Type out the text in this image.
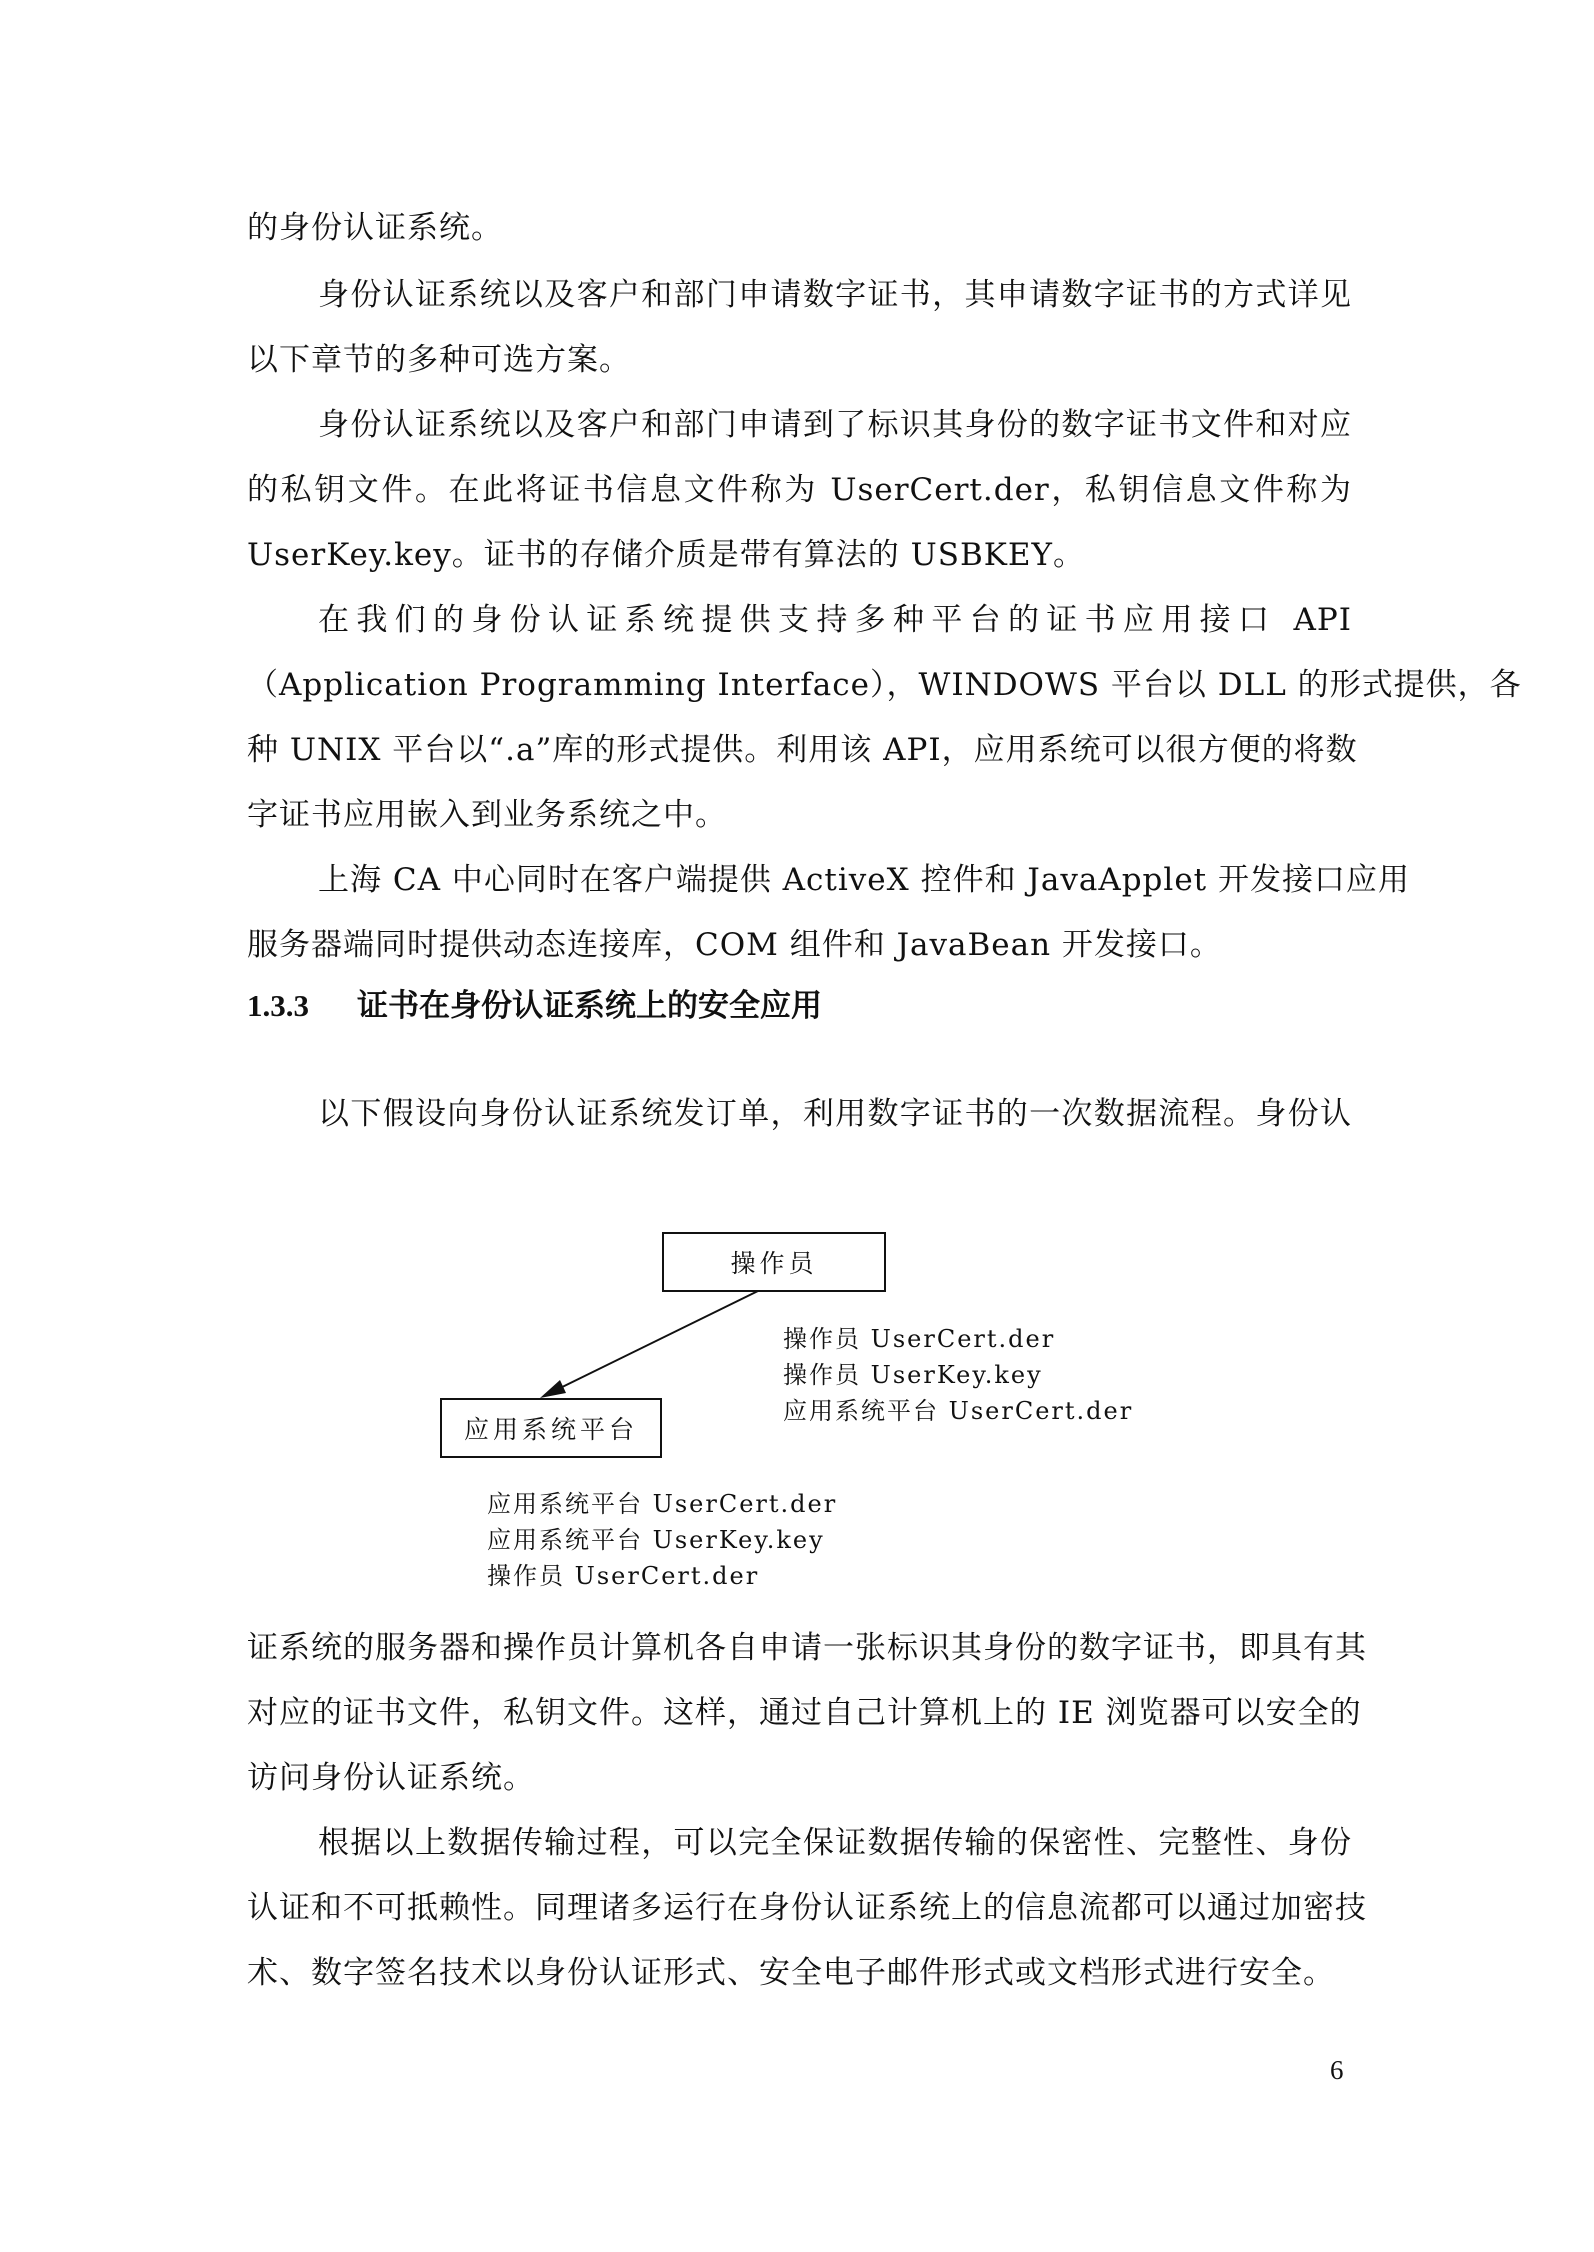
的身份认证系统。
身份认证系统以及客户和部门申请数字证书，其申请数字证书的方式详见
以下章节的多种可选方案。
身份认证系统以及客户和部门申请到了标识其身份的数字证书文件和对应
的私钥文件。在此将证书信息文件称为 UserCert.der，私钥信息文件称为
UserKey.key。证书的存储介质是带有算法的 USBKEY。
在我们的身份认证系统提供支持多种平台的证书应用接口 API
（Application Programming Interface），WINDOWS 平台以 DLL 的形式提供，各
种 UNIX 平台以“.a”库的形式提供。利用该 API，应用系统可以很方便的将数
字证书应用嵌入到业务系统之中。
上海 CA 中心同时在客户端提供 ActiveX 控件和 JavaApplet 开发接口应用
服务器端同时提供动态连接库，COM 组件和 JavaBean 开发接口。
1.3.3 证书在身份认证系统上的安全应用
以下假设向身份认证系统发订单，利用数字证书的一次数据流程。身份认
操作员
应用系统平台
操作员 UserCert.der
操作员 UserKey.key
应用系统平台 UserCert.der
应用系统平台 UserCert.der
应用系统平台 UserKey.key
操作员 UserCert.der
证系统的服务器和操作员计算机各自申请一张标识其身份的数字证书，即具有其
对应的证书文件，私钥文件。这样，通过自己计算机上的 IE 浏览器可以安全的
访问身份认证系统。
根据以上数据传输过程，可以完全保证数据传输的保密性、完整性、身份
认证和不可抵赖性。同理诸多运行在身份认证系统上的信息流都可以通过加密技
术、数字签名技术以身份认证形式、安全电子邮件形式或文档形式进行安全。
6
